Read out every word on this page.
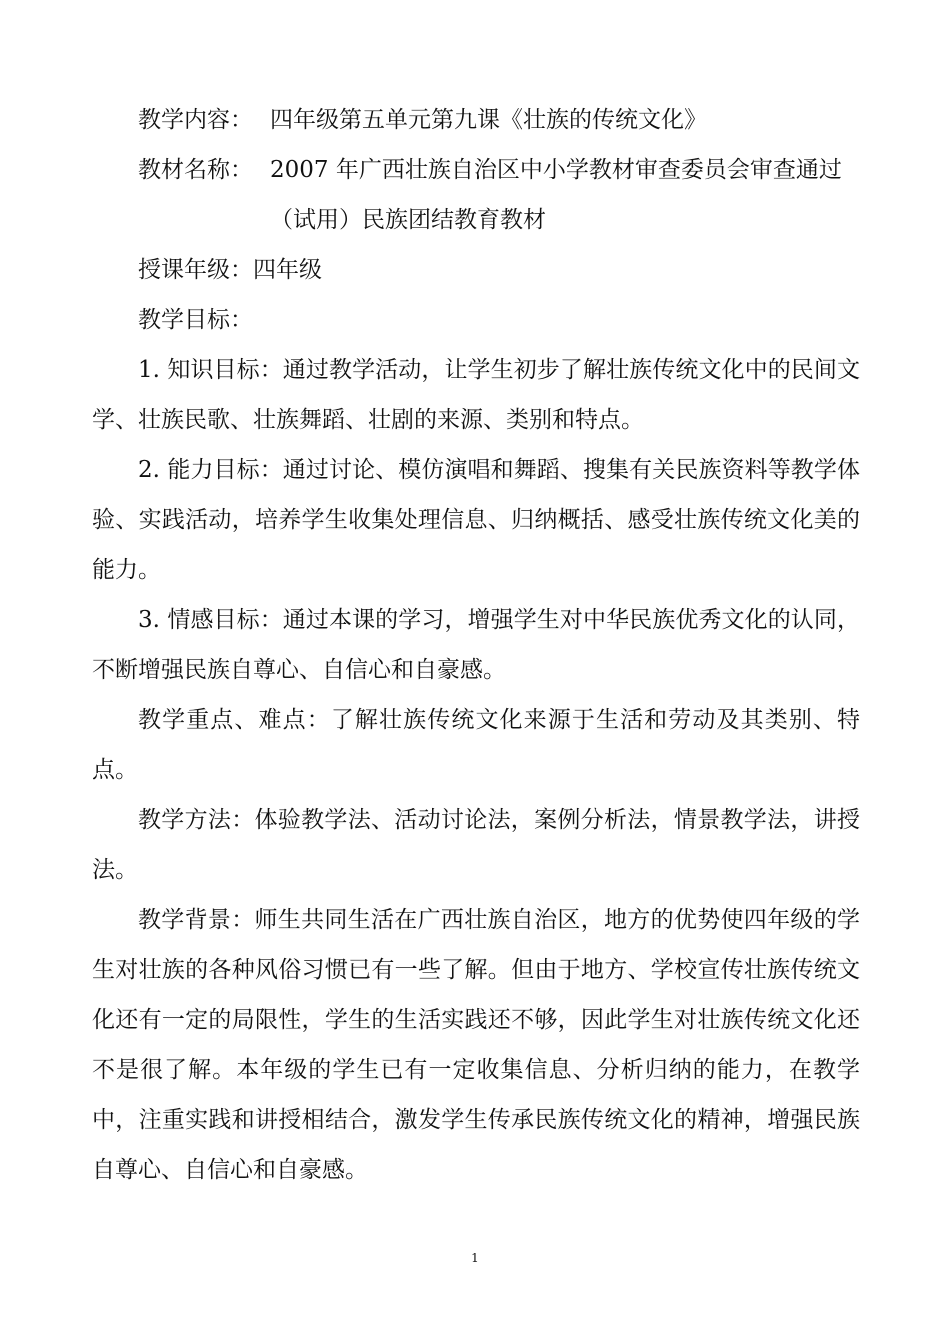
教学内容： 四年级第五单元第九课《壮族的传统文化》
教材名称： 2007 年广西壮族自治区中小学教材审查委员会审查通过（试用）民族团结教育教材
授课年级： 四年级
教学目标：

1. 知识目标：通过教学活动，让学生初步了解壮族传统文化中的民间文学、壮族民歌、壮族舞蹈、壮剧的来源、类别和特点。

2. 能力目标：通过讨论、模仿演唱和舞蹈、搜集有关民族资料等教学体验、实践活动，培养学生收集处理信息、归纳概括、感受壮族传统文化美的能力。

3. 情感目标：通过本课的学习，增强学生对中华民族优秀文化的认同，不断增强民族自尊心、自信心和自豪感。

教学重点、难点：了解壮族传统文化来源于生活和劳动及其类别、特点。

教学方法：体验教学法、活动讨论法，案例分析法，情景教学法，讲授法。

教学背景：师生共同生活在广西壮族自治区，地方的优势使四年级的学生对壮族的各种风俗习惯已有一些了解。但由于地方、学校宣传壮族传统文化还有一定的局限性，学生的生活实践还不够，因此学生对壮族传统文化还不是很了解。本年级的学生已有一定收集信息、分析归纳的能力，在教学中，注重实践和讲授相结合，激发学生传承民族传统文化的精神，增强民族自尊心、自信心和自豪感。

1
